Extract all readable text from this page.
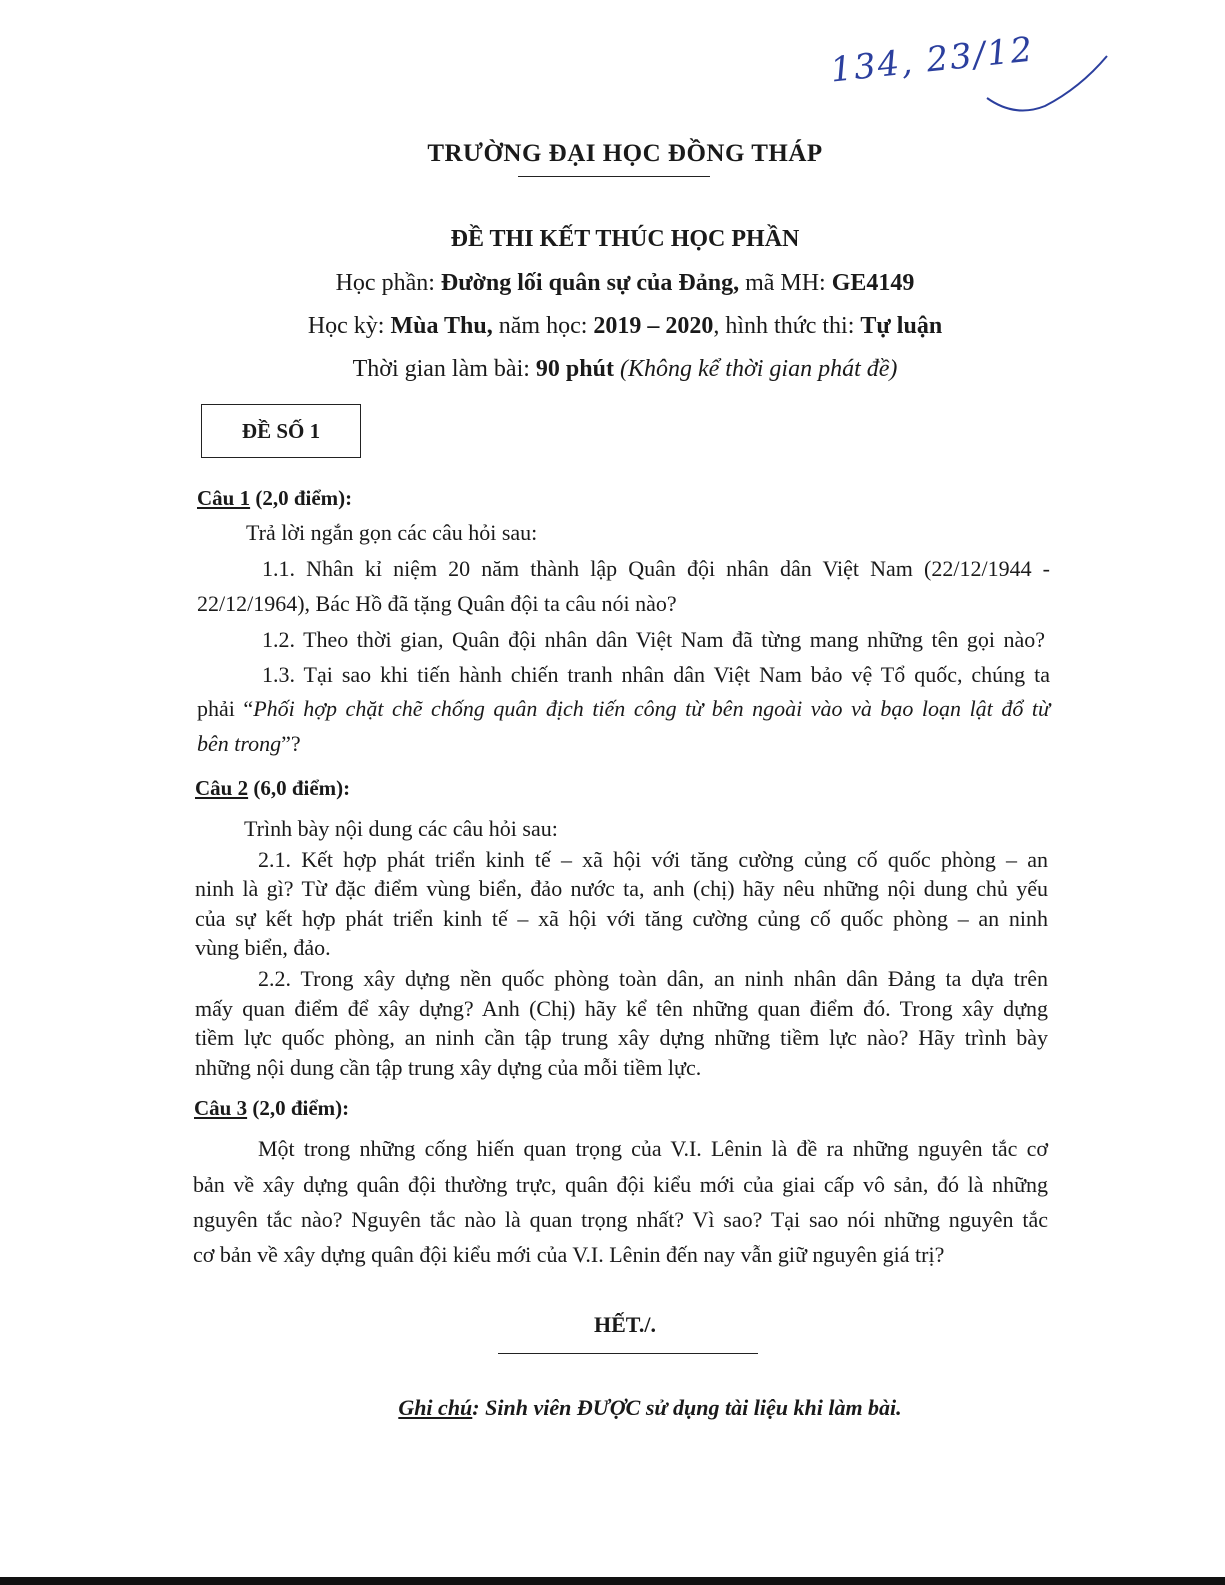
134, 23/12
TRƯỜNG ĐẠI HỌC ĐỒNG THÁP
ĐỀ THI KẾT THÚC HỌC PHẦN
Học phần: Đường lối quân sự của Đảng, mã MH: GE4149
Học kỳ: Mùa Thu, năm học: 2019 – 2020, hình thức thi: Tự luận
Thời gian làm bài: 90 phút (Không kể thời gian phát đề)
ĐỀ SỐ 1
Câu 1 (2,0 điểm):
Trả lời ngắn gọn các câu hỏi sau:
1.1. Nhân kỉ niệm 20 năm thành lập Quân đội nhân dân Việt Nam (22/12/1944 -
22/12/1964), Bác Hồ đã tặng Quân đội ta câu nói nào?
1.2. Theo thời gian, Quân đội nhân dân Việt Nam đã từng mang những tên gọi nào?
1.3. Tại sao khi tiến hành chiến tranh nhân dân Việt Nam bảo vệ Tổ quốc, chúng ta
phải “Phối hợp chặt chẽ chống quân địch tiến công từ bên ngoài vào và bạo loạn lật đổ từ
bên trong”?
Câu 2 (6,0 điểm):
Trình bày nội dung các câu hỏi sau:
2.1. Kết hợp phát triển kinh tế – xã hội với tăng cường củng cố quốc phòng – an
ninh là gì? Từ đặc điểm vùng biển, đảo nước ta, anh (chị) hãy nêu những nội dung chủ yếu
của sự kết hợp phát triển kinh tế – xã hội với tăng cường củng cố quốc phòng – an ninh
vùng biển, đảo.
2.2. Trong xây dựng nền quốc phòng toàn dân, an ninh nhân dân Đảng ta dựa trên
mấy quan điểm để xây dựng? Anh (Chị) hãy kể tên những quan điểm đó. Trong xây dựng
tiềm lực quốc phòng, an ninh cần tập trung xây dựng những tiềm lực nào? Hãy trình bày
những nội dung cần tập trung xây dựng của mỗi tiềm lực.
Câu 3 (2,0 điểm):
Một trong những cống hiến quan trọng của V.I. Lênin là đề ra những nguyên tắc cơ
bản về xây dựng quân đội thường trực, quân đội kiểu mới của giai cấp vô sản, đó là những
nguyên tắc nào? Nguyên tắc nào là quan trọng nhất? Vì sao? Tại sao nói những nguyên tắc
cơ bản về xây dựng quân đội kiểu mới của V.I. Lênin đến nay vẫn giữ nguyên giá trị?
HẾT./.
Ghi chú: Sinh viên ĐƯỢC sử dụng tài liệu khi làm bài.
